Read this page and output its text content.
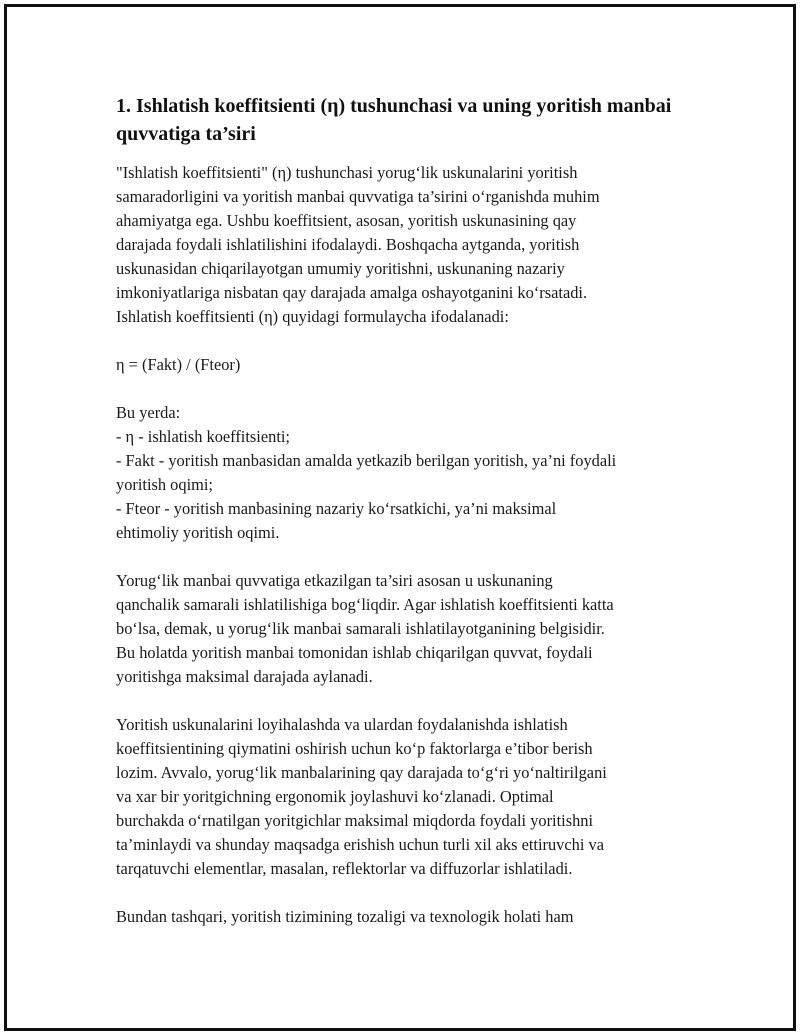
1. Ishlatish koeffitsienti (η) tushunchasi va uning yoritish manbai quvvatiga ta’siri
"Ishlatish koeffitsienti" (η) tushunchasi yorug‘lik uskunalarini yoritish
samaradorligini va yoritish manbai quvvatiga ta’sirini o‘rganishda muhim
ahamiyatga ega. Ushbu koeffitsient, asosan, yoritish uskunasining qay
darajada foydali ishlatilishini ifodalaydi. Boshqacha aytganda, yoritish
uskunasidan chiqarilayotgan umumiy yoritishni, uskunaning nazariy
imkoniyatlariga nisbatan qay darajada amalga oshayotganini ko‘rsatadi.
Ishlatish koeffitsienti (η) quyidagi formulaycha ifodalanadi:
η = (Fakt) / (Fteor)
Bu yerda:
- η - ishlatish koeffitsienti;
- Fakt - yoritish manbasidan amalda yetkazib berilgan yoritish, ya’ni foydali
yoritish oqimi;
- Fteor - yoritish manbasining nazariy ko‘rsatkichi, ya’ni maksimal
ehtimoliy yoritish oqimi.
Yorug‘lik manbai quvvatiga etkazilgan ta’siri asosan u uskunaning
qanchalik samarali ishlatilishiga bog‘liqdir. Agar ishlatish koeffitsienti katta
bo‘lsa, demak, u yorug‘lik manbai samarali ishlatilayotganining belgisidir.
Bu holatda yoritish manbai tomonidan ishlab chiqarilgan quvvat, foydali
yoritishga maksimal darajada aylanadi.
Yoritish uskunalarini loyihalashda va ulardan foydalanishda ishlatish
koeffitsientining qiymatini oshirish uchun ko‘p faktorlarga e’tibor berish
lozim. Avvalo, yorug‘lik manbalarining qay darajada to‘g‘ri yo‘naltirilgani
va xar bir yoritgichning ergonomik joylashuvi ko‘zlanadi. Optimal
burchakda o‘rnatilgan yoritgichlar maksimal miqdorda foydali yoritishni
ta’minlaydi va shunday maqsadga erishish uchun turli xil aks ettiruvchi va
tarqatuvchi elementlar, masalan, reflektorlar va diffuzorlar ishlatiladi.
Bundan tashqari, yoritish tizimining tozaligi va texnologik holati ham
